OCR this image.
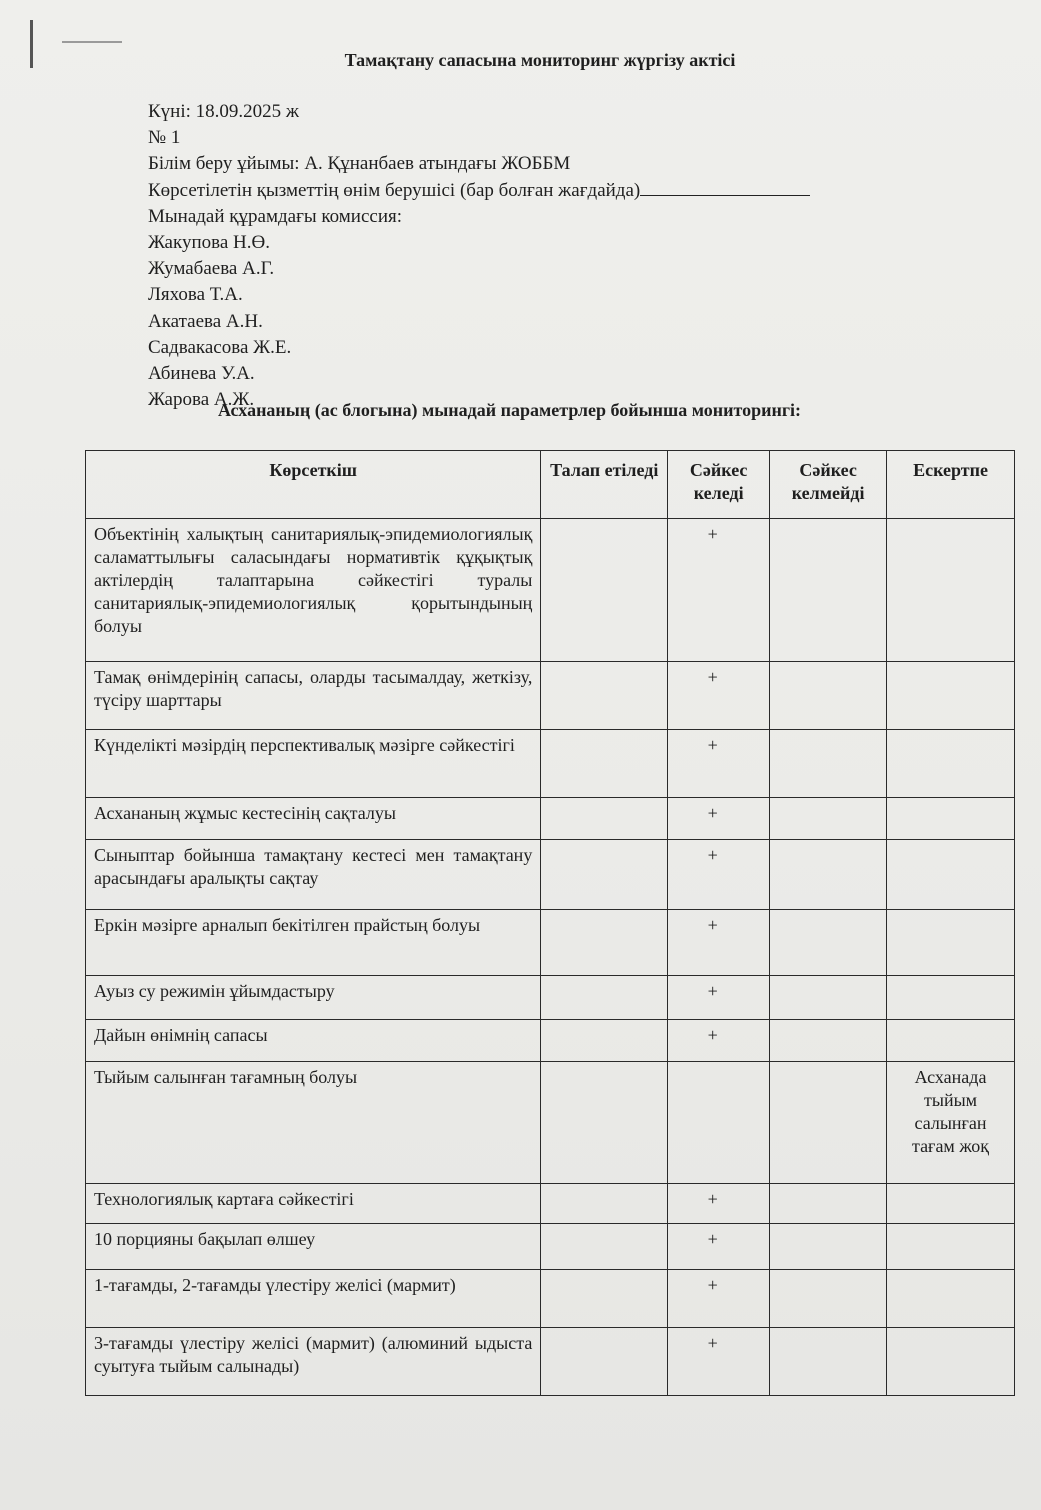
Тамақтану сапасына мониторинг жүргізу актісі
Күні: 18.09.2025 ж
№ 1
Білім беру ұйымы: А. Құнанбаев атындағы ЖОББМ
Көрсетілетін қызметтің өнім берушісі (бар болған жағдайда)
Мынадай құрамдағы комиссия:
Жакупова Н.Ө.
Жумабаева А.Г.
Ляхова Т.А.
Акатаева А.Н.
Садвакасова Ж.Е.
Абинева У.А.
Жарова А.Ж.
Асхананың (ас блогына) мынадай параметрлер бойынша мониторингі:
Көрсеткіш	Талап етіледі	Сәйкес келеді	Сәйкес келмейді	Ескертпе
Объектінің халықтың санитариялық-эпидемиологиялық саламаттылығы саласындағы нормативтік құқықтық актілердің талаптарына сәйкестігі туралы санитариялық-эпидемиологиялық қорытындының болуы		+		
Тамақ өнімдерінің сапасы, оларды тасымалдау, жеткізу, түсіру шарттары		+		
Күнделікті мәзірдің перспективалық мәзірге сәйкестігі		+		
Асхананың жұмыс кестесінің сақталуы		+		
Сыныптар бойынша тамақтану кестесі мен тамақтану арасындағы аралықты сақтау		+		
Еркін мәзірге арналып бекітілген прайстың болуы		+		
Ауыз су режимін ұйымдастыру		+		
Дайын өнімнің сапасы		+		
Тыйым салынған тағамның болуы				Асханада тыйым салынған тағам жоқ
Технологиялық картаға сәйкестігі		+		
10 порцияны бақылап өлшеу		+		
1-тағамды, 2-тағамды үлестіру желісі (мармит)		+		
3-тағамды үлестіру желісі (мармит) (алюминий ыдыста суытуға тыйым салынады)		+		
